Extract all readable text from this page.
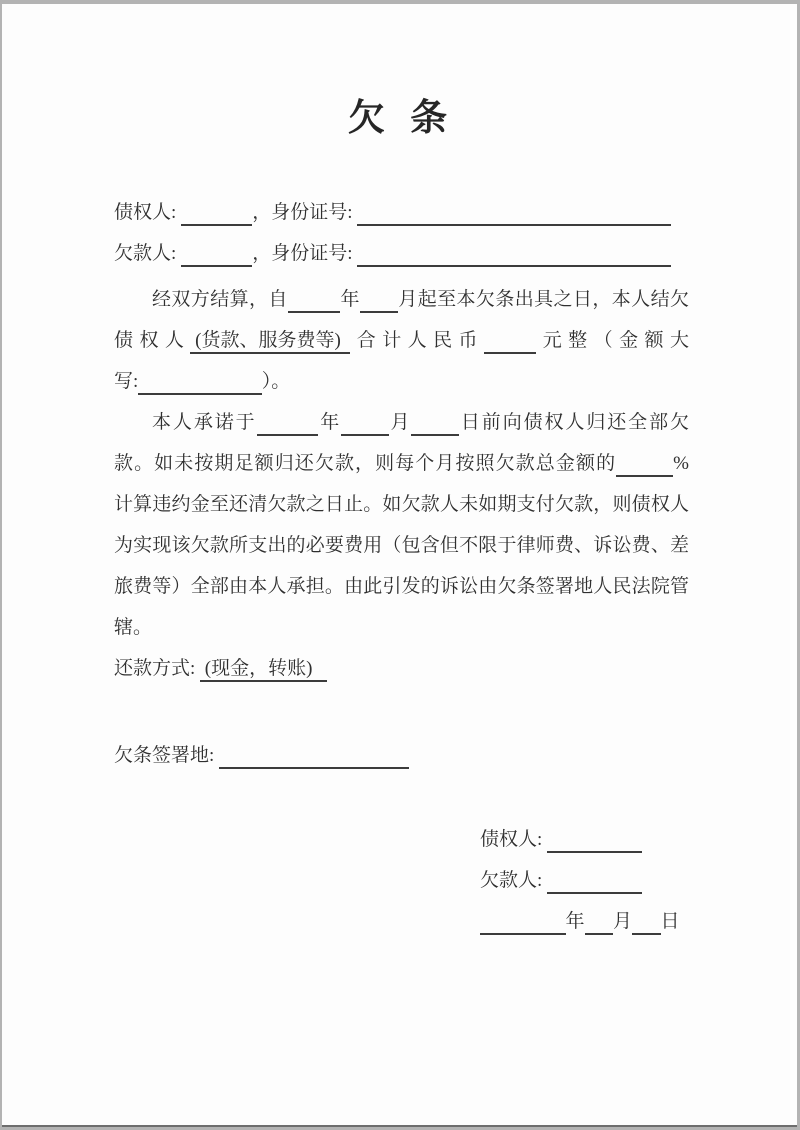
欠 条
债权人:	，身份证号:
欠款人:	，身份证号:
经双方结算，自	年 月起至本欠条出具之日，本人结欠
债权人 (货款、服务费等)  合计人民币	元整（金额大
写:	）。
本人承诺于	年	月	日前向债权人归还全部欠
款。如未按期足额归还欠款，则每个月按照欠款总金额的	%
计算违约金至还清欠款之日止。如欠款人未如期支付欠款，则债权人
为实现该欠款所支出的必要费用（包含但不限于律师费、诉讼费、差
旅费等）全部由本人承担。由此引发的诉讼由欠条签署地人民法院管
辖。
还款方式:  (现金，转账)
欠条签署地:
债权人:
欠款人:
年 月 日
